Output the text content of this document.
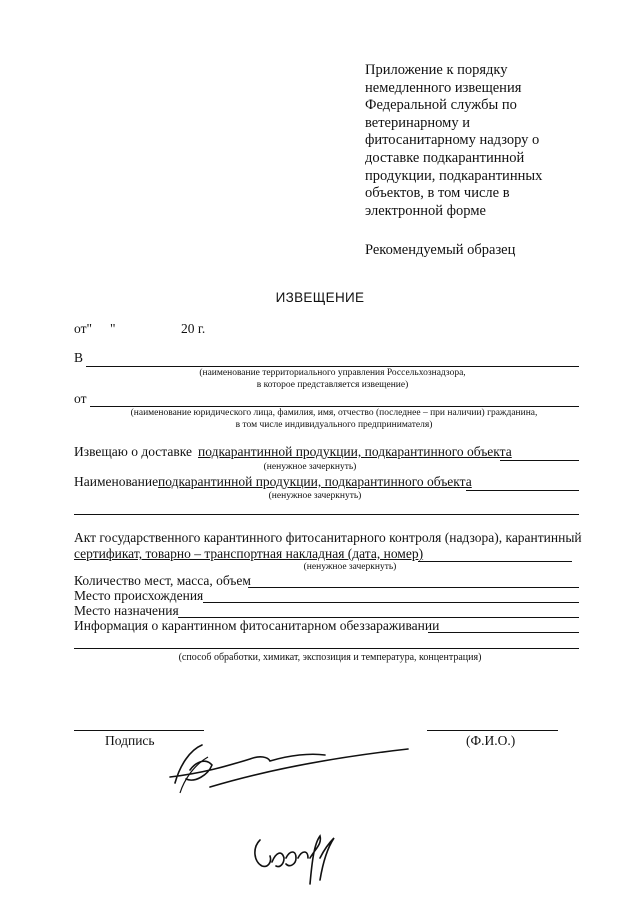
Приложение к порядку
немедленного извещения
Федеральной службы по
ветеринарному и
фитосанитарному надзору о
доставке подкарантинной
продукции, подкарантинных
объектов, в том числе в
электронной форме
Рекомендуемый образец
ИЗВЕЩЕНИЕ
от" "	20 г.
В
(наименование территориального управления Россельхознадзора,
в которое представляется извещение)
от
(наименование юридического лица, фамилия, имя, отчество (последнее – при наличии) гражданина,
в том числе индивидуального предпринимателя)
Извещаю о доставке подкарантинной продукции, подкарантинного объекта
(ненужное зачеркнуть)
Наименование подкарантинной продукции, подкарантинного объекта
(ненужное зачеркнуть)
Акт государственного карантинного фитосанитарного контроля (надзора), карантинный
сертификат, товарно – транспортная накладная (дата, номер)
(ненужное зачеркнуть)
Количество мест, масса, объем
Место происхождения
Место назначения
Информация о карантинном фитосанитарном обеззараживании
(способ обработки, химикат, экспозиция и температура, концентрация)
Подпись	(Ф.И.О.)
